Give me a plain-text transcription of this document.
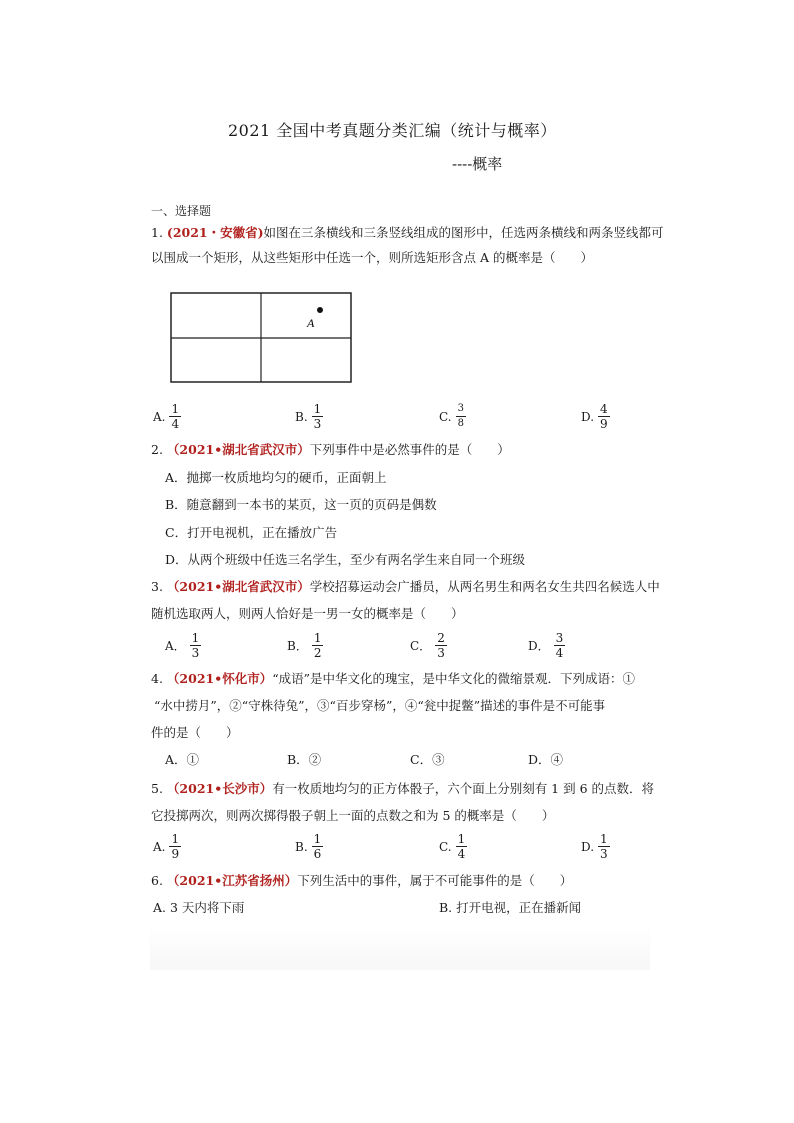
2021 全国中考真题分类汇编（统计与概率）
----概率
一、选择题
1. (2021・安徽省)如图在三条横线和三条竖线组成的图形中，任选两条横线和两条竖线都可
以围成一个矩形，从这些矩形中任选一个，则所选矩形含点 A 的概率是（　　）
A
A. $\frac{1}{4}$	B. $\frac{1}{3}$	C. $\frac{3}{8}$	D. $\frac{4}{9}$
2. （2021•湖北省武汉市）下列事件中是必然事件的是（　　）
A．抛掷一枚质地均匀的硬币，正面朝上
B．随意翻到一本书的某页，这一页的页码是偶数
C．打开电视机，正在播放广告
D．从两个班级中任选三名学生，至少有两名学生来自同一个班级
3. （2021•湖北省武汉市）学校招募运动会广播员，从两名男生和两名女生共四名候选人中
随机选取两人，则两人恰好是一男一女的概率是（　　）
A． $\frac{1}{3}$	B． $\frac{1}{2}$	C． $\frac{2}{3}$	D． $\frac{3}{4}$
4. （2021•怀化市）“成语”是中华文化的瑰宝，是中华文化的微缩景观．下列成语：①
“水中捞月”，②“守株待兔”，③“百步穿杨”，④“瓮中捉鳖”描述的事件是不可能事
件的是（　　）
A．①	B．②	C．③	D．④
5. （2021•长沙市）有一枚质地均匀的正方体骰子，六个面上分别刻有 1 到 6 的点数．将
它投掷两次，则两次掷得骰子朝上一面的点数之和为 5 的概率是（　　）
A. $\frac{1}{9}$	B. $\frac{1}{6}$	C. $\frac{1}{4}$	D. $\frac{1}{3}$
6. （2021•江苏省扬州）下列生活中的事件，属于不可能事件的是（　　）
A. 3 天内将下雨	B. 打开电视，正在播新闻
